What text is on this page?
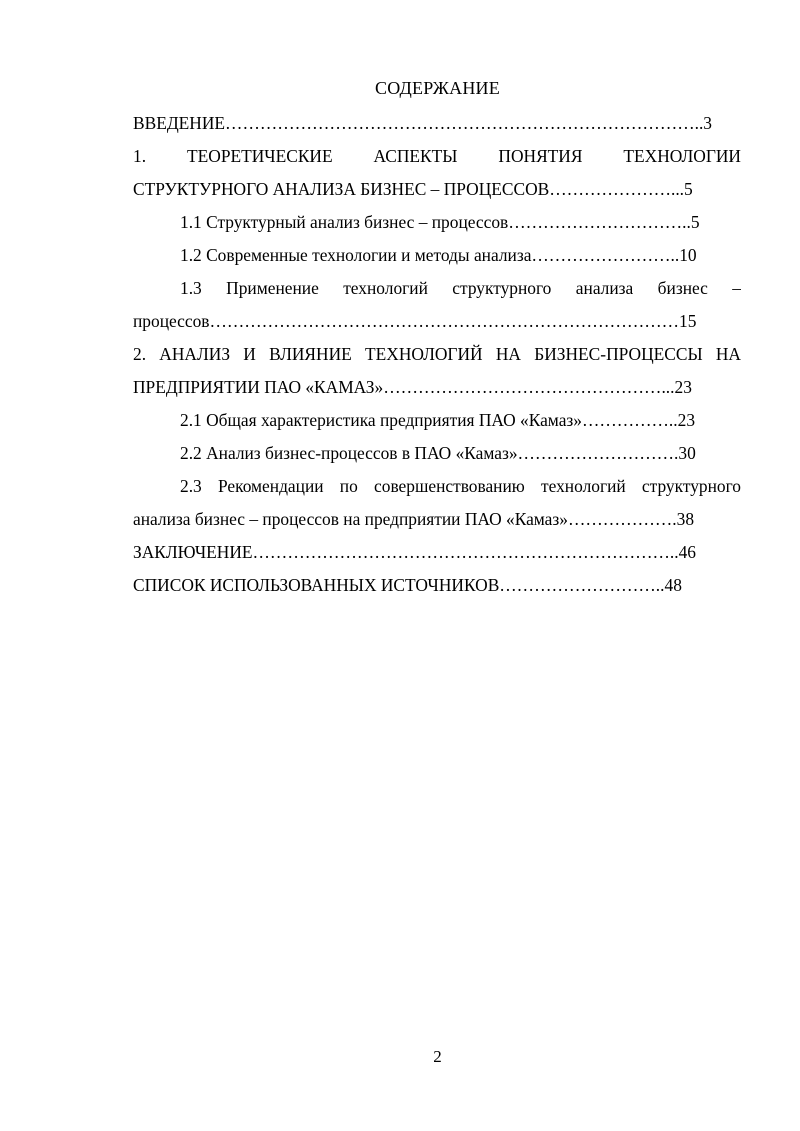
СОДЕРЖАНИЕ
ВВЕДЕНИЕ………………………………………………………………………..3
1. ТЕОРЕТИЧЕСКИЕ АСПЕКТЫ ПОНЯТИЯ ТЕХНОЛОГИИ
СТРУКТУРНОГО АНАЛИЗА БИЗНЕС – ПРОЦЕССОВ…………………...5
1.1 Структурный анализ бизнес – процессов…………………………..5
1.2 Современные технологии и методы анализа……………………..10
1.3 Применение технологий структурного анализа бизнес –
процессов………………………………………………………………………15
2. АНАЛИЗ И ВЛИЯНИЕ ТЕХНОЛОГИЙ НА БИЗНЕС-ПРОЦЕССЫ НА
ПРЕДПРИЯТИИ ПАО «КАМАЗ»…………………………………………...23
2.1 Общая характеристика предприятия ПАО «Камаз»……………..23
2.2 Анализ бизнес-процессов в ПАО «Камаз»……………………….30
2.3 Рекомендации по совершенствованию технологий структурного
анализа бизнес – процессов на предприятии ПАО «Камаз»……………….38
ЗАКЛЮЧЕНИЕ………………………………………………………………..46
СПИСОК ИСПОЛЬЗОВАННЫХ ИСТОЧНИКОВ………………………..48
2
